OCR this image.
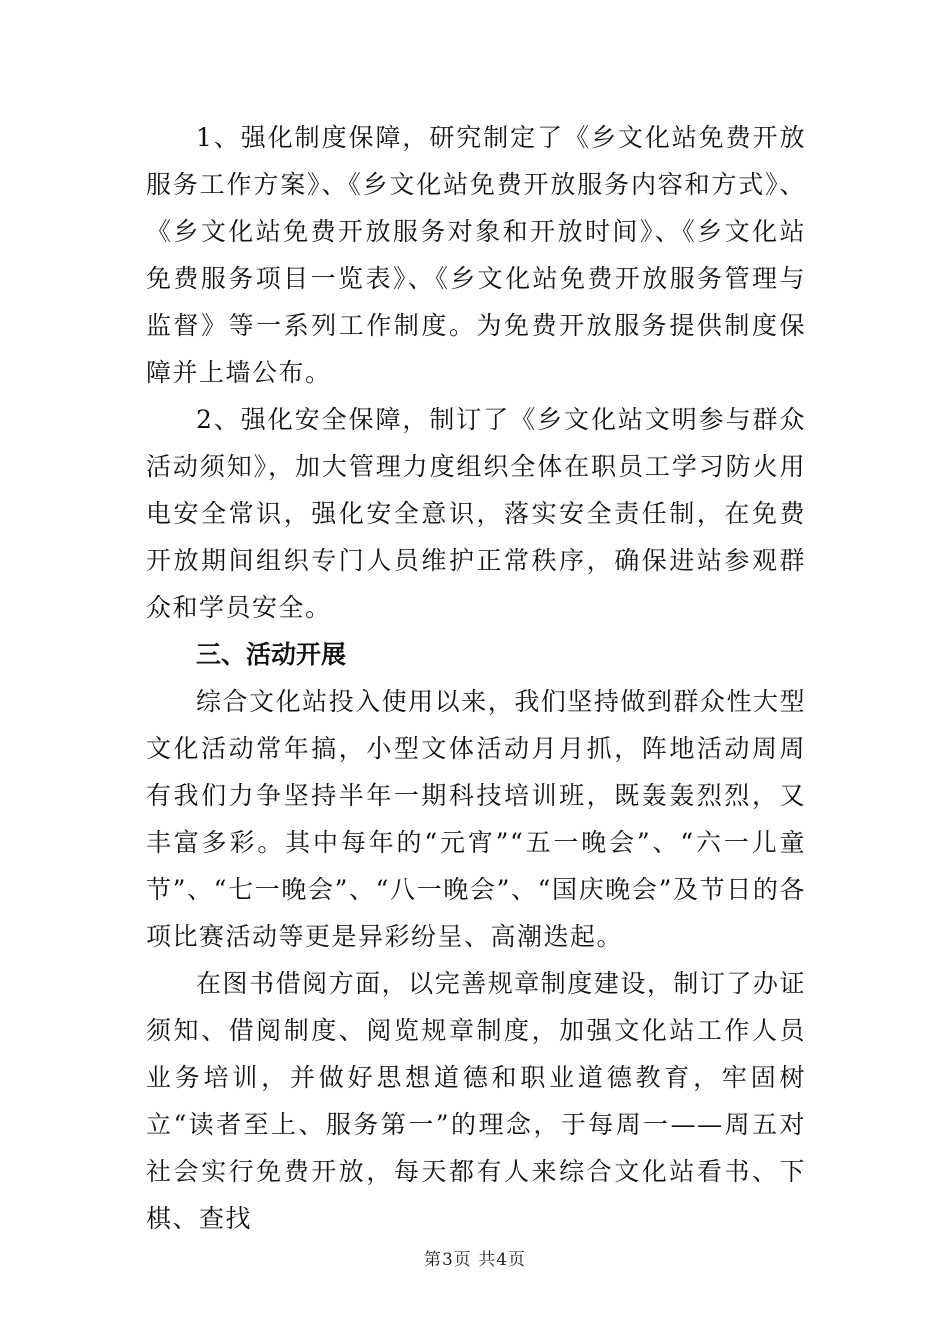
1、强化制度保障，研究制定了《乡文化站免费开放服务工作方案》、《乡文化站免费开放服务内容和方式》、《乡文化站免费开放服务对象和开放时间》、《乡文化站免费服务项目一览表》、《乡文化站免费开放服务管理与监督》等一系列工作制度。为免费开放服务提供制度保障并上墙公布。

2、强化安全保障，制订了《乡文化站文明参与群众活动须知》，加大管理力度组织全体在职员工学习防火用电安全常识，强化安全意识，落实安全责任制，在免费开放期间组织专门人员维护正常秩序，确保进站参观群众和学员安全。

三、活动开展

综合文化站投入使用以来，我们坚持做到群众性大型文化活动常年搞，小型文体活动月月抓，阵地活动周周有我们力争坚持半年一期科技培训班，既轰轰烈烈，又丰富多彩。其中每年的“元宵”“五一晚会”、“六一儿童节”、“七一晚会”、“八一晚会”、“国庆晚会”及节日的各项比赛活动等更是异彩纷呈、高潮迭起。

在图书借阅方面，以完善规章制度建设，制订了办证须知、借阅制度、阅览规章制度，加强文化站工作人员业务培训，并做好思想道德和职业道德教育，牢固树立“读者至上、服务第一”的理念，于每周一——周五对社会实行免费开放，每天都有人来综合文化站看书、下棋、查找

第3页 共4页
